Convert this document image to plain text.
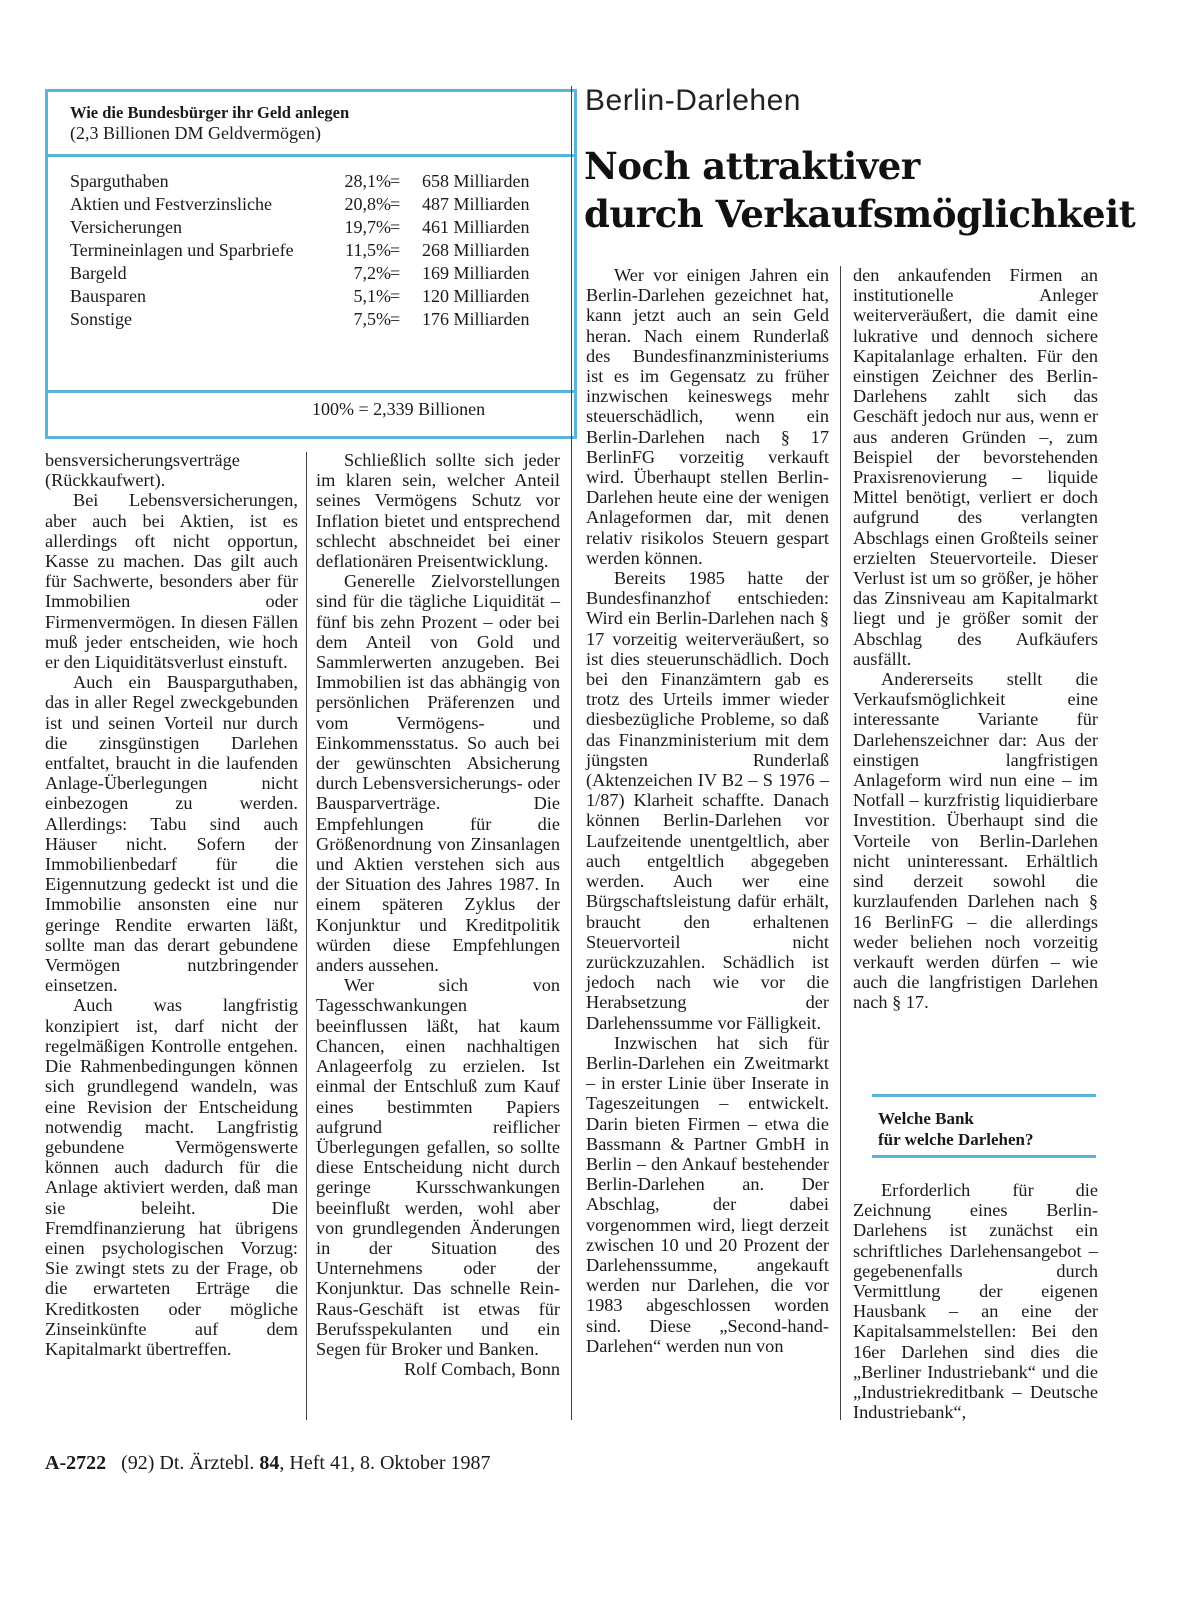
Wie die Bundesbürger ihr Geld anlegen
(2,3 Billionen DM Geldvermögen)
Sparguthaben	28,1% = 658 Milliarden
Aktien und Festverzinsliche	20,8% = 487 Milliarden
Versicherungen	19,7% = 461 Milliarden
Termineinlagen und Sparbriefe	11,5% = 268 Milliarden
Bargeld	7,2% = 169 Milliarden
Bausparen	5,1% = 120 Milliarden
Sonstige	7,5% = 176 Milliarden
100% = 2,339 Billionen

bensversicherungsverträge (Rückkaufwert).

Bei Lebensversicherungen, aber auch bei Aktien, ist es allerdings oft nicht opportun, Kasse zu machen. Das gilt auch für Sachwerte, besonders aber für Immobilien oder Firmenvermögen. In diesen Fällen muß jeder entscheiden, wie hoch er den Liquiditätsverlust einstuft.

Auch ein Bausparguthaben, das in aller Regel zweckgebunden ist und seinen Vorteil nur durch die zinsgünstigen Darlehen entfaltet, braucht in die laufenden Anlage-Überlegungen nicht einbezogen zu werden. Allerdings: Tabu sind auch Häuser nicht. Sofern der Immobilienbedarf für die Eigennutzung gedeckt ist und die Immobilie ansonsten eine nur geringe Rendite erwarten läßt, sollte man das derart gebundene Vermögen nutzbringender einsetzen.

Auch was langfristig konzipiert ist, darf nicht der regelmäßigen Kontrolle entgehen. Die Rahmenbedingungen können sich grundlegend wandeln, was eine Revision der Entscheidung notwendig macht. Langfristig gebundene Vermögenswerte können auch dadurch für die Anlage aktiviert werden, daß man sie beleiht. Die Fremdfinanzierung hat übrigens einen psychologischen Vorzug: Sie zwingt stets zu der Frage, ob die erwarteten Erträge die Kreditkosten oder mögliche Zinseinkünfte auf dem Kapitalmarkt übertreffen.

Schließlich sollte sich jeder im klaren sein, welcher Anteil seines Vermögens Schutz vor Inflation bietet und entsprechend schlecht abschneidet bei einer deflationären Preisentwicklung.

Generelle Zielvorstellungen sind für die tägliche Liquidität – fünf bis zehn Prozent – oder bei dem Anteil von Gold und Sammlerwerten anzugeben. Bei Immobilien ist das abhängig von persönlichen Präferenzen und vom Vermögens- und Einkommensstatus. So auch bei der gewünschten Absicherung durch Lebensversicherungs- oder Bausparverträge. Die Empfehlungen für die Größenordnung von Zinsanlagen und Aktien verstehen sich aus der Situation des Jahres 1987. In einem späteren Zyklus der Konjunktur und Kreditpolitik würden diese Empfehlungen anders aussehen.

Wer sich von Tagesschwankungen beeinflussen läßt, hat kaum Chancen, einen nachhaltigen Anlageerfolg zu erzielen. Ist einmal der Entschluß zum Kauf eines bestimmten Papiers aufgrund reiflicher Überlegungen gefallen, so sollte diese Entscheidung nicht durch geringe Kursschwankungen beeinflußt werden, wohl aber von grundlegenden Änderungen in der Situation des Unternehmens oder der Konjunktur. Das schnelle Rein-Raus-Geschäft ist etwas für Berufsspekulanten und ein Segen für Broker und Banken.

Rolf Combach, Bonn

Berlin-Darlehen
Noch attraktiver
durch Verkaufsmöglichkeit

Wer vor einigen Jahren ein Berlin-Darlehen gezeichnet hat, kann jetzt auch an sein Geld heran. Nach einem Runderlaß des Bundesfinanzministeriums ist es im Gegensatz zu früher inzwischen keineswegs mehr steuerschädlich, wenn ein Berlin-Darlehen nach § 17 BerlinFG vorzeitig verkauft wird. Überhaupt stellen Berlin-Darlehen heute eine der wenigen Anlageformen dar, mit denen relativ risikolos Steuern gespart werden können.

Bereits 1985 hatte der Bundesfinanzhof entschieden: Wird ein Berlin-Darlehen nach § 17 vorzeitig weiterveräußert, so ist dies steuerunschädlich. Doch bei den Finanzämtern gab es trotz des Urteils immer wieder diesbezügliche Probleme, so daß das Finanzministerium mit dem jüngsten Runderlaß (Aktenzeichen IV B2 – S 1976 – 1/87) Klarheit schaffte. Danach können Berlin-Darlehen vor Laufzeitende unentgeltlich, aber auch entgeltlich abgegeben werden. Auch wer eine Bürgschaftsleistung dafür erhält, braucht den erhaltenen Steuervorteil nicht zurückzuzahlen. Schädlich ist jedoch nach wie vor die Herabsetzung der Darlehenssumme vor Fälligkeit.

Inzwischen hat sich für Berlin-Darlehen ein Zweitmarkt – in erster Linie über Inserate in Tageszeitungen – entwickelt. Darin bieten Firmen – etwa die Bassmann & Partner GmbH in Berlin – den Ankauf bestehender Berlin-Darlehen an. Der Abschlag, der dabei vorgenommen wird, liegt derzeit zwischen 10 und 20 Prozent der Darlehenssumme, angekauft werden nur Darlehen, die vor 1983 abgeschlossen worden sind. Diese „Second-hand-Darlehen“ werden nun von

den ankaufenden Firmen an institutionelle Anleger weiterveräußert, die damit eine lukrative und dennoch sichere Kapitalanlage erhalten. Für den einstigen Zeichner des Berlin-Darlehens zahlt sich das Geschäft jedoch nur aus, wenn er aus anderen Gründen –, zum Beispiel der bevorstehenden Praxisrenovierung – liquide Mittel benötigt, verliert er doch aufgrund des verlangten Abschlags einen Großteils seiner erzielten Steuervorteile. Dieser Verlust ist um so größer, je höher das Zinsniveau am Kapitalmarkt liegt und je größer somit der Abschlag des Aufkäufers ausfällt.

Andererseits stellt die Verkaufsmöglichkeit eine interessante Variante für Darlehenszeichner dar: Aus der einstigen langfristigen Anlageform wird nun eine – im Notfall – kurzfristig liquidierbare Investition. Überhaupt sind die Vorteile von Berlin-Darlehen nicht uninteressant. Erhältlich sind derzeit sowohl die kurzlaufenden Darlehen nach § 16 BerlinFG – die allerdings weder beliehen noch vorzeitig verkauft werden dürfen – wie auch die langfristigen Darlehen nach § 17.

Welche Bank
für welche Darlehen?

Erforderlich für die Zeichnung eines Berlin-Darlehens ist zunächst ein schriftliches Darlehensangebot – gegebenenfalls durch Vermittlung der eigenen Hausbank – an eine der Kapitalsammelstellen: Bei den 16er Darlehen sind dies die „Berliner Industriebank“ und die „Industriekreditbank – Deutsche Industriebank“,

A-2722 (92) Dt. Ärztebl. 84, Heft 41, 8. Oktober 1987
